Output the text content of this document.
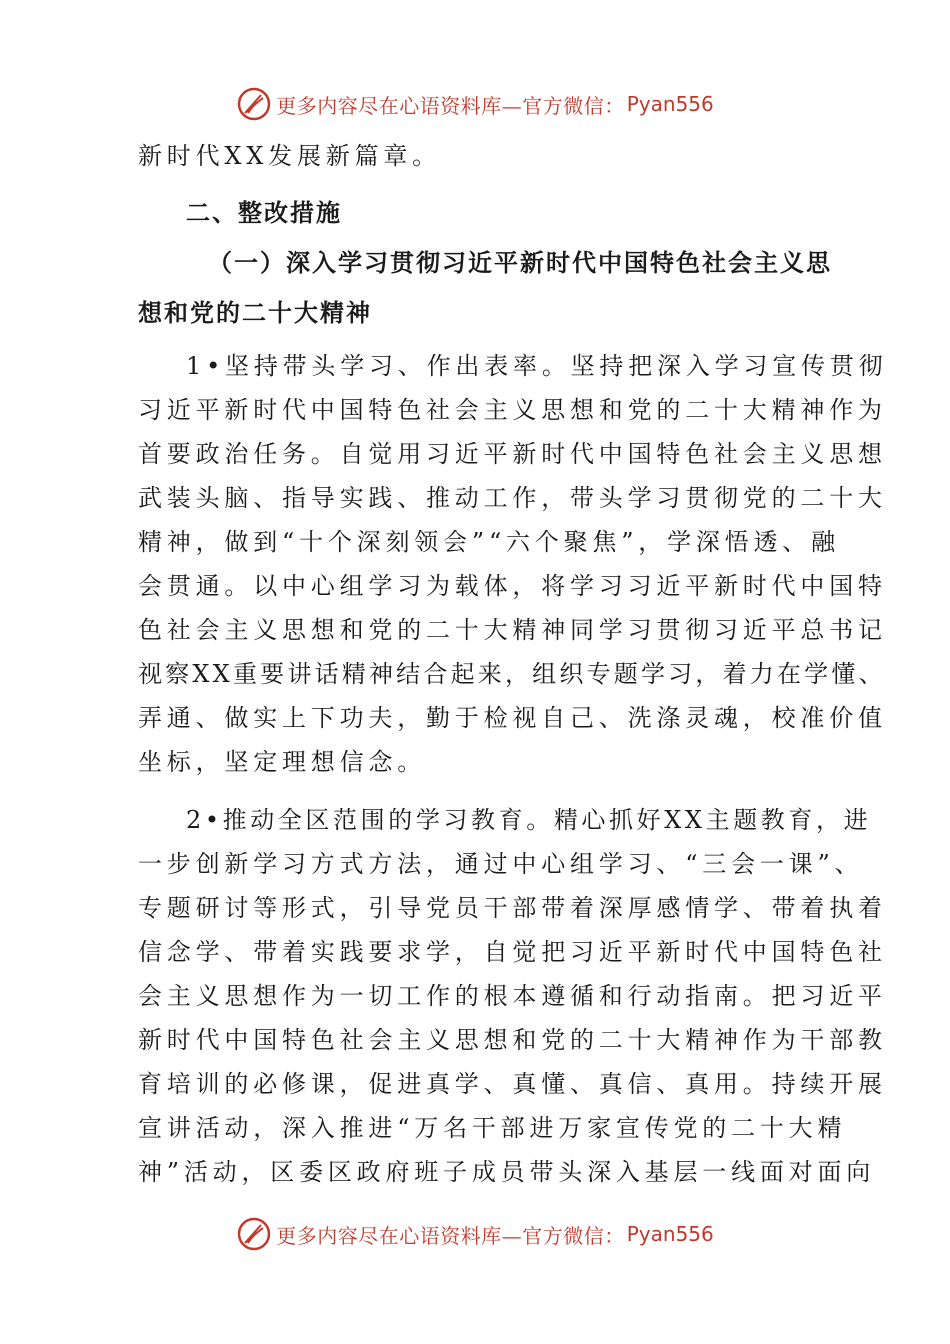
更多内容尽在心语资料库—官方微信： Pyan556
新时代XX发展新篇章。
二、整改措施
（一）深入学习贯彻习近平新时代中国特色社会主义思
想和党的二十大精神
1•坚持带头学习、作出表率。坚持把深入学习宣传贯彻
习近平新时代中国特色社会主义思想和党的二十大精神作为
首要政治任务。自觉用习近平新时代中国特色社会主义思想
武装头脑、指导实践、推动工作，带头学习贯彻党的二十大
精神，做到“十个深刻领会”“六个聚焦”，学深悟透、融
会贯通。以中心组学习为载体，将学习习近平新时代中国特
色社会主义思想和党的二十大精神同学习贯彻习近平总书记
视察XX重要讲话精神结合起来，组织专题学习，着力在学懂、
弄通、做实上下功夫，勤于检视自己、洗涤灵魂，校准价值
坐标，坚定理想信念。
2•推动全区范围的学习教育。精心抓好XX主题教育，进
一步创新学习方式方法，通过中心组学习、“三会一课”、
专题研讨等形式，引导党员干部带着深厚感情学、带着执着
信念学、带着实践要求学，自觉把习近平新时代中国特色社
会主义思想作为一切工作的根本遵循和行动指南。把习近平
新时代中国特色社会主义思想和党的二十大精神作为干部教
育培训的必修课，促进真学、真懂、真信、真用。持续开展
宣讲活动，深入推进“万名干部进万家宣传党的二十大精
神”活动，区委区政府班子成员带头深入基层一线面对面向
更多内容尽在心语资料库—官方微信： Pyan556
